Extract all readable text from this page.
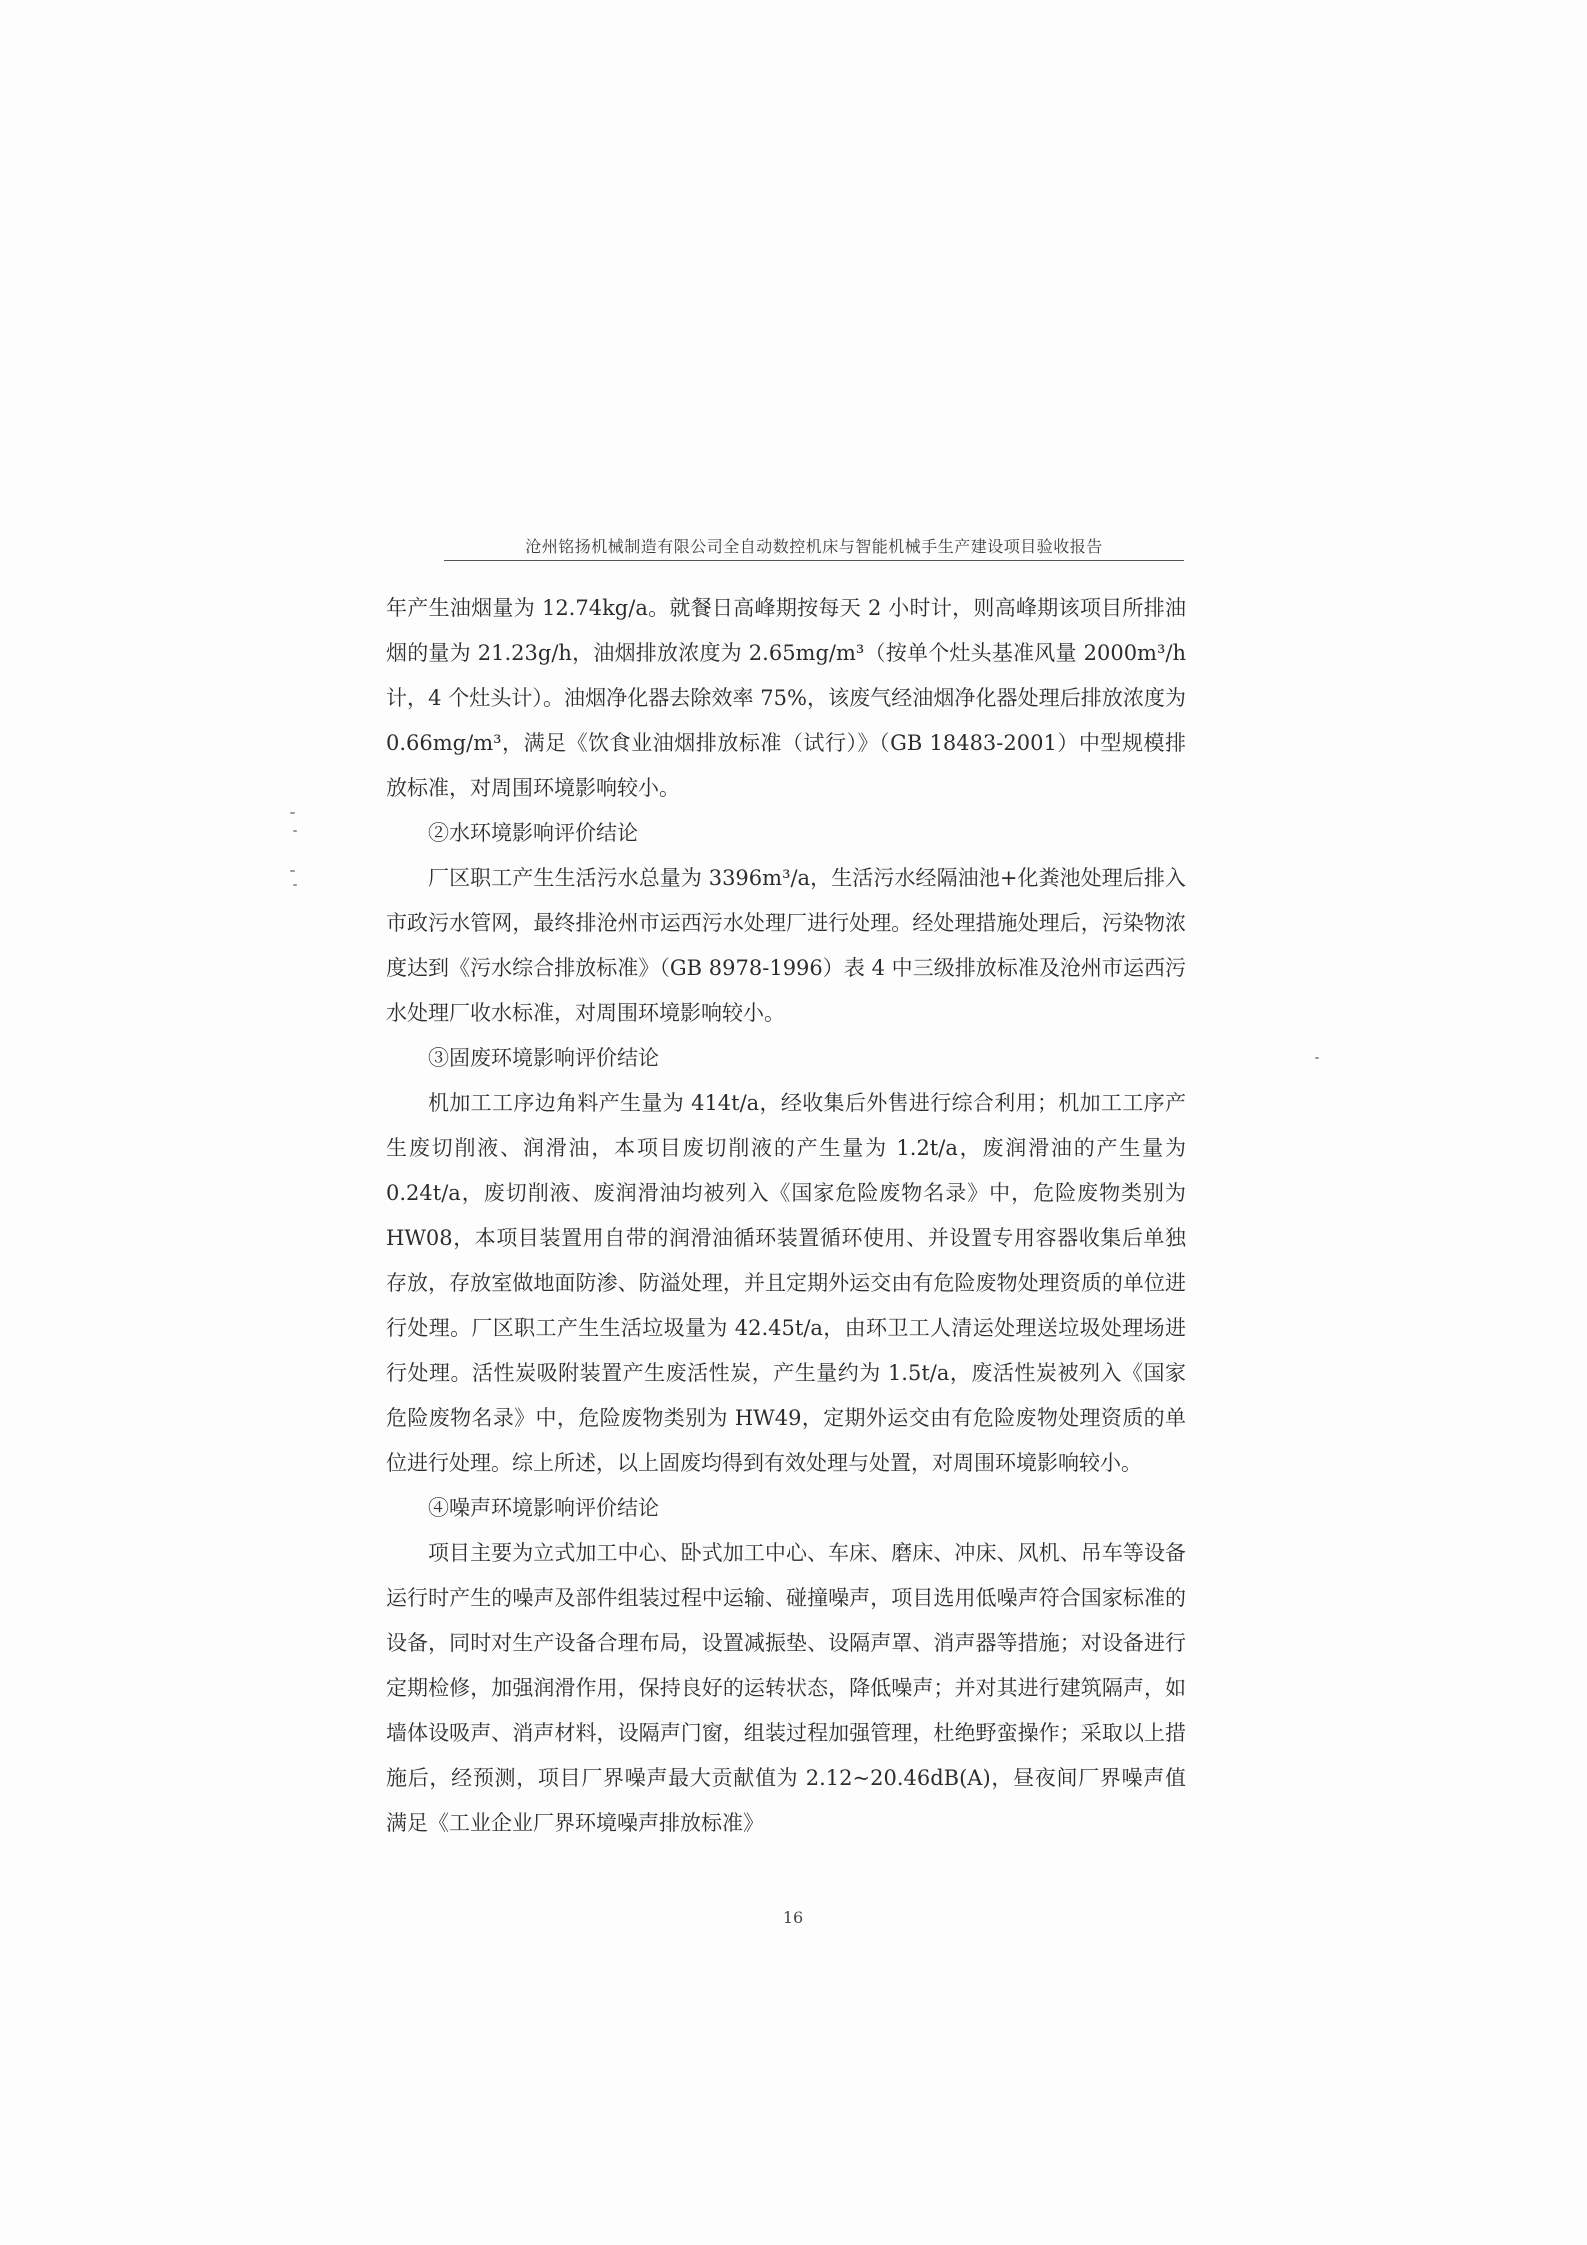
沧州铭扬机械制造有限公司全自动数控机床与智能机械手生产建设项目验收报告

年产生油烟量为 12.74kg/a。就餐日高峰期按每天 2 小时计，则高峰期该项目所排油烟的量为 21.23g/h，油烟排放浓度为 2.65mg/m³（按单个灶头基准风量 2000m³/h 计，4 个灶头计）。油烟净化器去除效率 75%，该废气经油烟净化器处理后排放浓度为 0.66mg/m³，满足《饮食业油烟排放标准（试行）》（GB 18483-2001）中型规模排放标准，对周围环境影响较小。

②水环境影响评价结论

厂区职工产生生活污水总量为 3396m³/a，生活污水经隔油池+化粪池处理后排入市政污水管网，最终排沧州市运西污水处理厂进行处理。经处理措施处理后，污染物浓度达到《污水综合排放标准》（GB 8978-1996）表 4 中三级排放标准及沧州市运西污水处理厂收水标准，对周围环境影响较小。

③固废环境影响评价结论

机加工工序边角料产生量为 414t/a，经收集后外售进行综合利用；机加工工序产生废切削液、润滑油，本项目废切削液的产生量为 1.2t/a，废润滑油的产生量为 0.24t/a，废切削液、废润滑油均被列入《国家危险废物名录》中，危险废物类别为 HW08，本项目装置用自带的润滑油循环装置循环使用、并设置专用容器收集后单独存放，存放室做地面防渗、防溢处理，并且定期外运交由有危险废物处理资质的单位进行处理。厂区职工产生生活垃圾量为 42.45t/a，由环卫工人清运处理送垃圾处理场进行处理。活性炭吸附装置产生废活性炭，产生量约为 1.5t/a，废活性炭被列入《国家危险废物名录》中，危险废物类别为 HW49，定期外运交由有危险废物处理资质的单位进行处理。综上所述，以上固废均得到有效处理与处置，对周围环境影响较小。

④噪声环境影响评价结论

项目主要为立式加工中心、卧式加工中心、车床、磨床、冲床、风机、吊车等设备运行时产生的噪声及部件组装过程中运输、碰撞噪声，项目选用低噪声符合国家标准的设备，同时对生产设备合理布局，设置减振垫、设隔声罩、消声器等措施；对设备进行定期检修，加强润滑作用，保持良好的运转状态，降低噪声；并对其进行建筑隔声，如墙体设吸声、消声材料，设隔声门窗，组装过程加强管理，杜绝野蛮操作；采取以上措施后，经预测，项目厂界噪声最大贡献值为 2.12~20.46dB(A)，昼夜间厂界噪声值满足《工业企业厂界环境噪声排放标准》

16
